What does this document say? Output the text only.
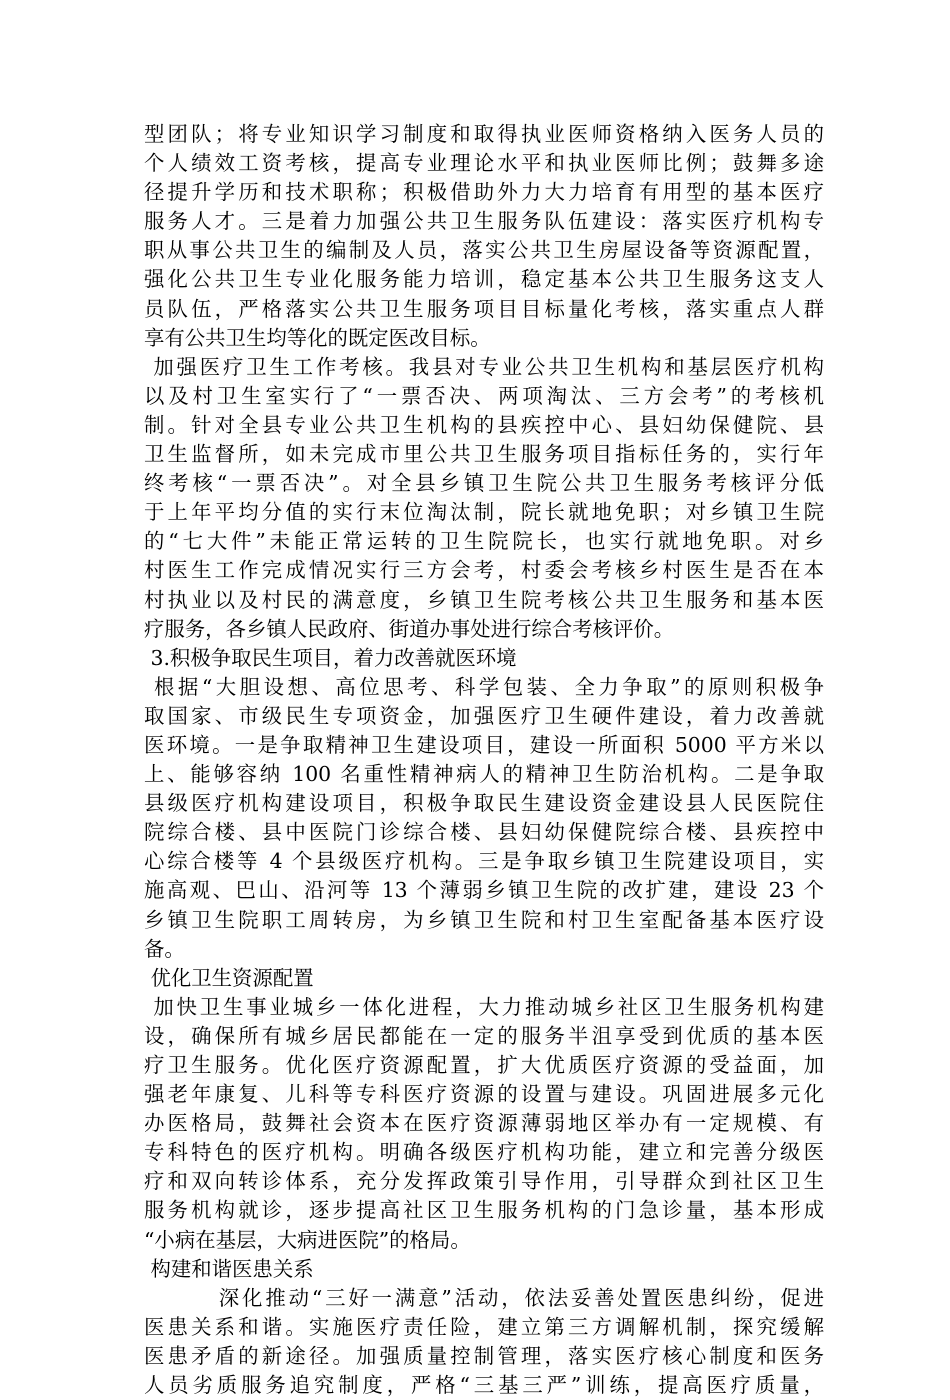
型团队；将专业知识学习制度和取得执业医师资格纳入医务人员的
个人绩效工资考核，提高专业理论水平和执业医师比例；鼓舞多途
径提升学历和技术职称；积极借助外力大力培育有用型的基本医疗
服务人才。三是着力加强公共卫生服务队伍建设：落实医疗机构专
职从事公共卫生的编制及人员，落实公共卫生房屋设备等资源配置，
强化公共卫生专业化服务能力培训，稳定基本公共卫生服务这支人
员队伍，严格落实公共卫生服务项目目标量化考核，落实重点人群
享有公共卫生均等化的既定医改目标。
加强医疗卫生工作考核。我县对专业公共卫生机构和基层医疗机构
以及村卫生室实行了“一票否决、两项淘汰、三方会考”的考核机
制。针对全县专业公共卫生机构的县疾控中心、县妇幼保健院、县
卫生监督所，如未完成市里公共卫生服务项目指标任务的，实行年
终考核“一票否决”。对全县乡镇卫生院公共卫生服务考核评分低
于上年平均分值的实行末位淘汰制，院长就地免职；对乡镇卫生院
的“七大件”未能正常运转的卫生院院长，也实行就地免职。对乡
村医生工作完成情况实行三方会考，村委会考核乡村医生是否在本
村执业以及村民的满意度，乡镇卫生院考核公共卫生服务和基本医
疗服务，各乡镇人民政府、街道办事处进行综合考核评价。
3.积极争取民生项目，着力改善就医环境
根据“大胆设想、高位思考、科学包装、全力争取”的原则积极争
取国家、市级民生专项资金，加强医疗卫生硬件建设，着力改善就
医环境。一是争取精神卫生建设项目，建设一所面积 5000 平方米以
上、能够容纳 100 名重性精神病人的精神卫生防治机构。二是争取
县级医疗机构建设项目，积极争取民生建设资金建设县人民医院住
院综合楼、县中医院门诊综合楼、县妇幼保健院综合楼、县疾控中
心综合楼等 4 个县级医疗机构。三是争取乡镇卫生院建设项目，实
施高观、巴山、沿河等 13 个薄弱乡镇卫生院的改扩建，建设 23 个
乡镇卫生院职工周转房，为乡镇卫生院和村卫生室配备基本医疗设
备。
优化卫生资源配置
加快卫生事业城乡一体化进程，大力推动城乡社区卫生服务机构建
设，确保所有城乡居民都能在一定的服务半沮享受到优质的基本医
疗卫生服务。优化医疗资源配置，扩大优质医疗资源的受益面，加
强老年康复、儿科等专科医疗资源的设置与建设。巩固进展多元化
办医格局，鼓舞社会资本在医疗资源薄弱地区举办有一定规模、有
专科特色的医疗机构。明确各级医疗机构功能，建立和完善分级医
疗和双向转诊体系，充分发挥政策引导作用，引导群众到社区卫生
服务机构就诊，逐步提高社区卫生服务机构的门急诊量，基本形成
“小病在基层，大病进医院”的格局。
构建和谐医患关系
深化推动“三好一满意”活动，依法妥善处置医患纠纷，促进
医患关系和谐。实施医疗责任险，建立第三方调解机制，探究缓解
医患矛盾的新途径。加强质量控制管理，落实医疗核心制度和医务
人员劣质服务追究制度，严格“三基三严”训练，提高医疗质量，
